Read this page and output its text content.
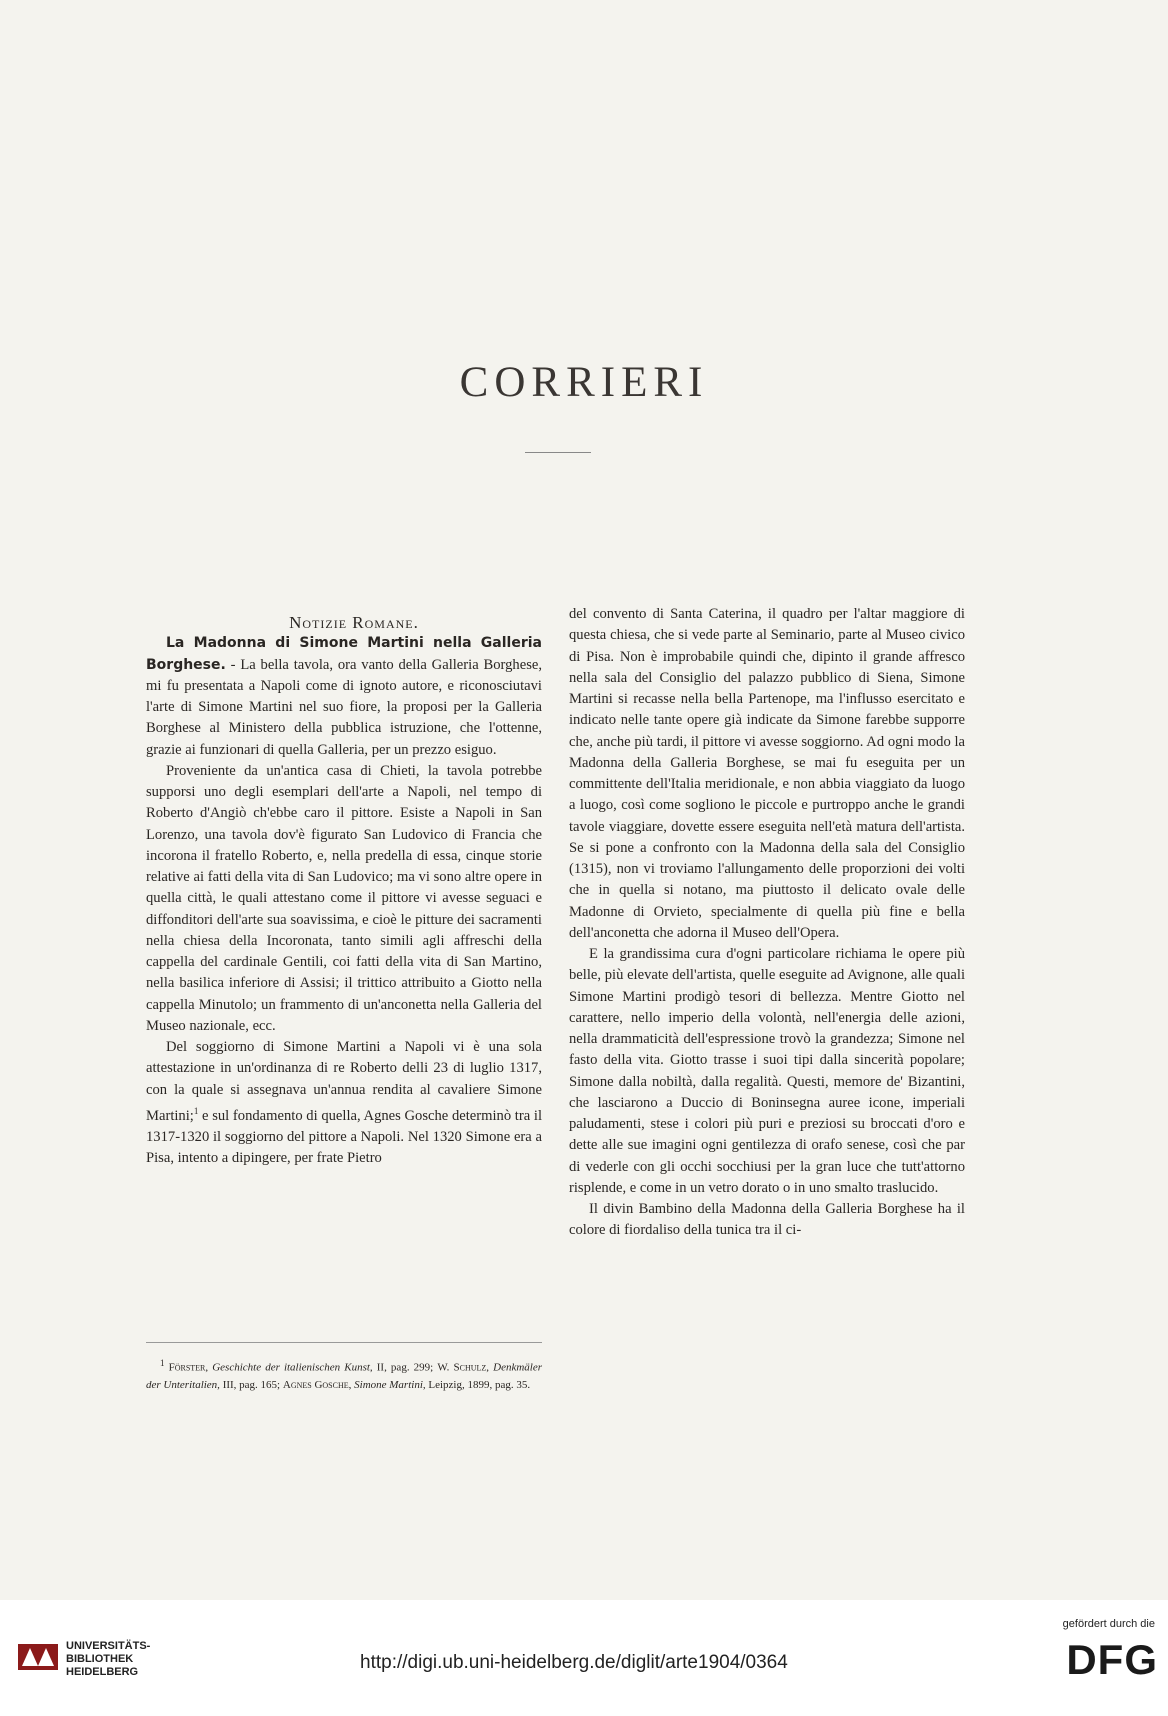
CORRIERI

Notizie Romane.

La Madonna di Simone Martini nella Galleria Borghese. - La bella tavola, ora vanto della Galleria Borghese, mi fu presentata a Napoli come di ignoto autore, e riconosciutavi l'arte di Simone Martini nel suo fiore, la proposi per la Galleria Borghese al Ministero della pubblica istruzione, che l'ottenne, grazie ai funzionari di quella Galleria, per un prezzo esiguo.

Proveniente da un'antica casa di Chieti, la tavola potrebbe supporsi uno degli esemplari dell'arte a Napoli, nel tempo di Roberto d'Angiò ch'ebbe caro il pittore. Esiste a Napoli in San Lorenzo, una tavola dov'è figurato San Ludovico di Francia che incorona il fratello Roberto, e, nella predella di essa, cinque storie relative ai fatti della vita di San Ludovico; ma vi sono altre opere in quella città, le quali attestano come il pittore vi avesse seguaci e diffonditori dell'arte sua soavissima, e cioè le pitture dei sacramenti nella chiesa della Incoronata, tanto simili agli affreschi della cappella del cardinale Gentili, coi fatti della vita di San Martino, nella basilica inferiore di Assisi; il trittico attribuito a Giotto nella cappella Minutolo; un frammento di un'anconetta nella Galleria del Museo nazionale, ecc.

Del soggiorno di Simone Martini a Napoli vi è una sola attestazione in un'ordinanza di re Roberto delli 23 di luglio 1317, con la quale si assegnava un'annua rendita al cavaliere Simone Martini;$^1$ e sul fondamento di quella, Agnes Gosche determinò tra il 1317-1320 il soggiorno del pittore a Napoli. Nel 1320 Simone era a Pisa, intento a dipingere, per frate Pietro

del convento di Santa Caterina, il quadro per l'altar maggiore di questa chiesa, che si vede parte al Seminario, parte al Museo civico di Pisa. Non è improbabile quindi che, dipinto il grande affresco nella sala del Consiglio del palazzo pubblico di Siena, Simone Martini si recasse nella bella Partenope, ma l'influsso esercitato e indicato nelle tante opere già indicate da Simone farebbe supporre che, anche più tardi, il pittore vi avesse soggiorno. Ad ogni modo la Madonna della Galleria Borghese, se mai fu eseguita per un committente dell'Italia meridionale, e non abbia viaggiato da luogo a luogo, così come sogliono le piccole e purtroppo anche le grandi tavole viaggiare, dovette essere eseguita nell'età matura dell'artista. Se si pone a confronto con la Madonna della sala del Consiglio (1315), non vi troviamo l'allungamento delle proporzioni dei volti che in quella si notano, ma piuttosto il delicato ovale delle Madonne di Orvieto, specialmente di quella più fine e bella dell'anconetta che adorna il Museo dell'Opera.

E la grandissima cura d'ogni particolare richiama le opere più belle, più elevate dell'artista, quelle eseguite ad Avignone, alle quali Simone Martini prodigò tesori di bellezza. Mentre Giotto nel carattere, nello imperio della volontà, nell'energia delle azioni, nella drammaticità dell'espressione trovò la grandezza; Simone nel fasto della vita. Giotto trasse i suoi tipi dalla sincerità popolare; Simone dalla nobiltà, dalla regalità. Questi, memore de' Bizantini, che lasciarono a Duccio di Boninsegna auree icone, imperiali paludamenti, stese i colori più puri e preziosi su broccati d'oro e dette alle sue imagini ogni gentilezza di orafo senese, così che par di vederle con gli occhi socchiusi per la gran luce che tutt'attorno risplende, e come in un vetro dorato o in uno smalto traslucido.

Il divin Bambino della Madonna della Galleria Borghese ha il colore di fiordaliso della tunica tra il ci-

$^1$ Förster, Geschichte der italienischen Kunst, II, pag. 299; W. Schulz, Denkmäler der Unteritalien, III, pag. 165; Agnes Gosche, Simone Martini, Leipzig, 1899, pag. 35.
UNIVERSITÄTS-
BIBLIOTHEK
HEIDELBERG	http://digi.ub.uni-heidelberg.de/diglit/arte1904/0364
gefördert durch die
DFG
